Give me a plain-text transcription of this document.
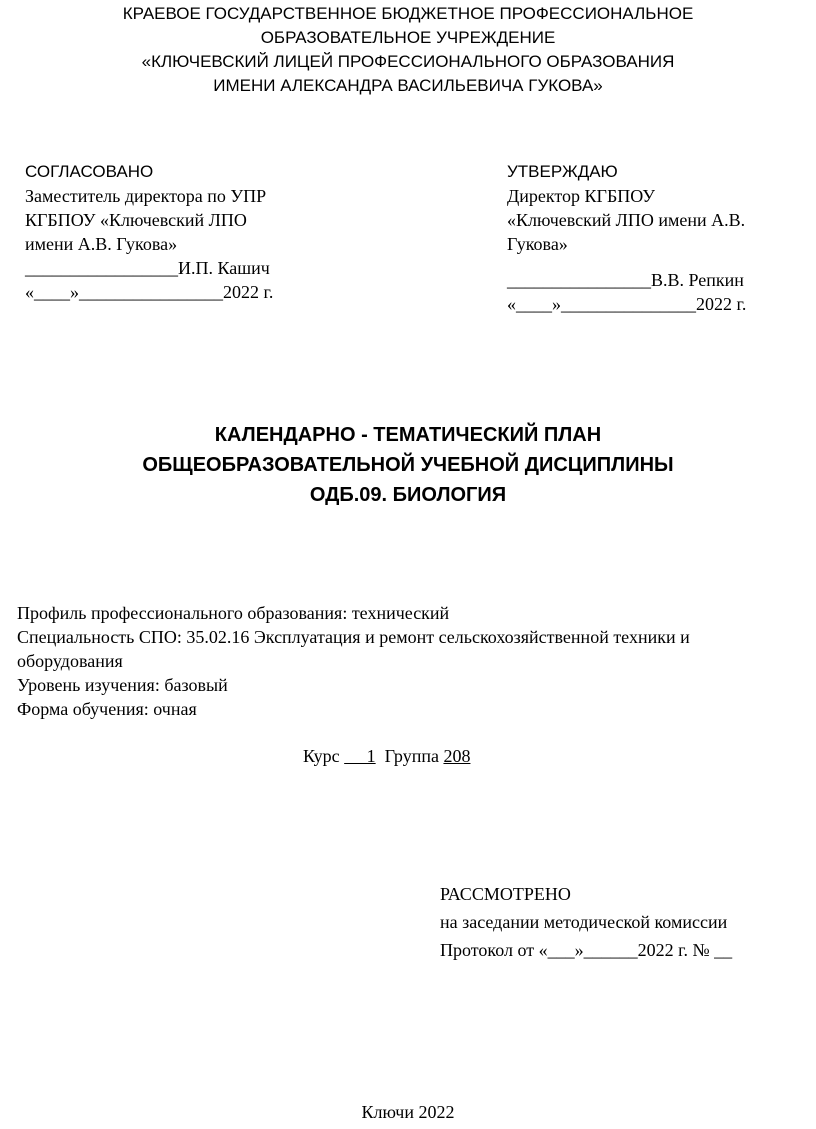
КРАЕВОЕ ГОСУДАРСТВЕННОЕ БЮДЖЕТНОЕ ПРОФЕССИОНАЛЬНОЕ
ОБРАЗОВАТЕЛЬНОЕ УЧРЕЖДЕНИЕ
«КЛЮЧЕВСКИЙ ЛИЦЕЙ ПРОФЕССИОНАЛЬНОГО ОБРАЗОВАНИЯ
ИМЕНИ АЛЕКСАНДРА ВАСИЛЬЕВИЧА ГУКОВА»
СОГЛАСОВАНО
Заместитель директора по УПР
КГБПОУ «Ключевский ЛПО
имени А.В. Гукова»
_________________И.П. Кашич
«____»________________2022 г.
УТВЕРЖДАЮ
Директор КГБПОУ
«Ключевский ЛПО имени А.В.
Гукова»
________________В.В. Репкин
«____»_______________2022 г.
КАЛЕНДАРНО - ТЕМАТИЧЕСКИЙ ПЛАН
ОБЩЕОБРАЗОВАТЕЛЬНОЙ УЧЕБНОЙ ДИСЦИПЛИНЫ
ОДБ.09. БИОЛОГИЯ
Профиль профессионального образования: технический
Специальность СПО: 35.02.16 Эксплуатация и ремонт сельскохозяйственной техники и
оборудования
Уровень изучения: базовый
Форма обучения: очная
Курс      1  Группа 208
РАССМОТРЕНО
на заседании методической комиссии
Протокол от «___»______2022 г. № __
Ключи 2022
